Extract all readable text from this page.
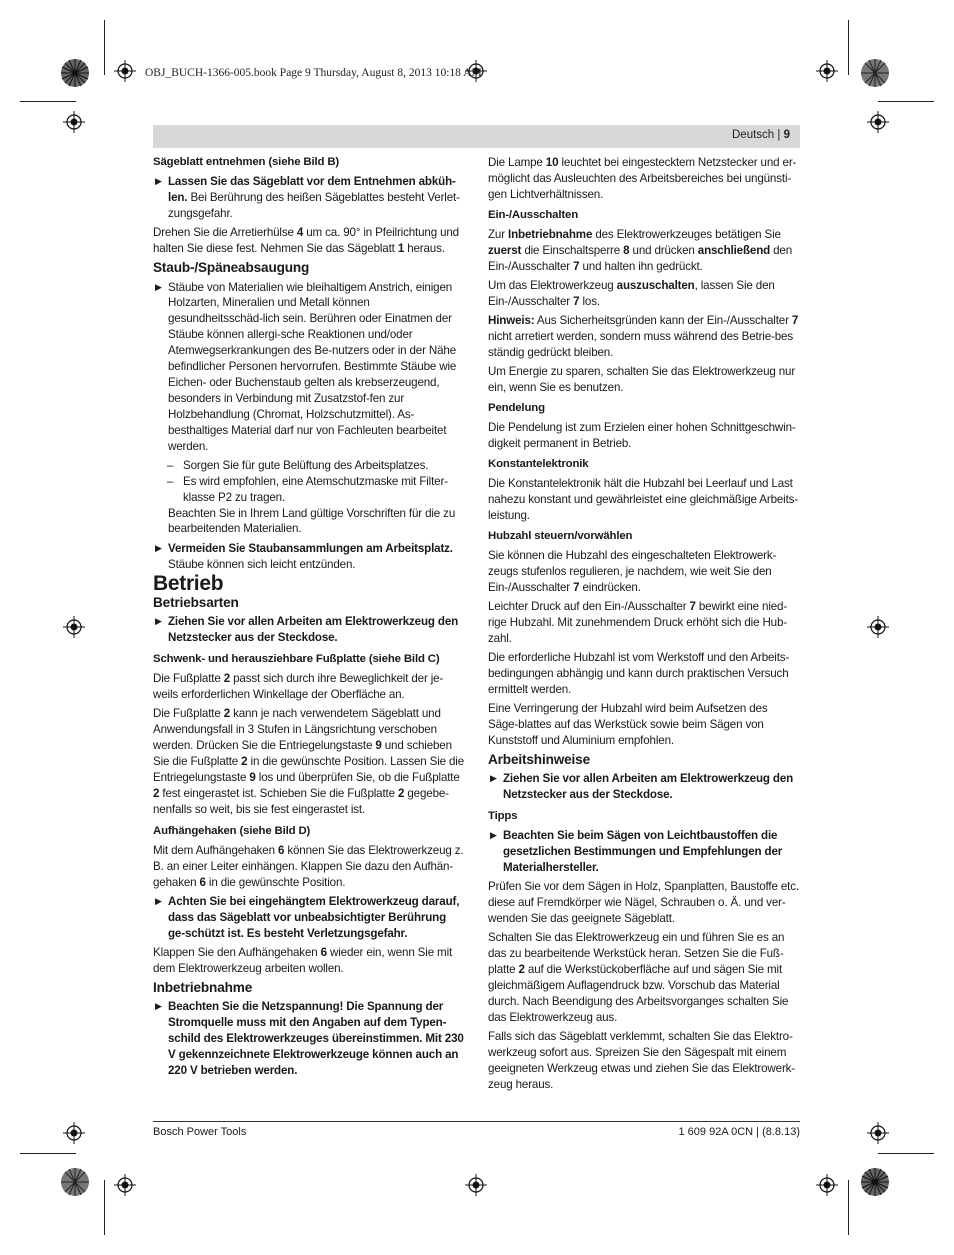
OBJ_BUCH-1366-005.book Page 9 Thursday, August 8, 2013 10:18 AM
Deutsch | 9

Sägeblatt entnehmen (siehe Bild B)

▶ Lassen Sie das Sägeblatt vor dem Entnehmen abküh-len. Bei Berührung des heißen Sägeblattes besteht Verlet-zungsgefahr.

Drehen Sie die Arretierhülse 4 um ca. 90° in Pfeilrichtung und halten Sie diese fest. Nehmen Sie das Sägeblatt 1 heraus.

Staub-/Späneabsaugung

▶ Stäube von Materialien wie bleihaltigem Anstrich, einigen Holzarten, Mineralien und Metall können gesundheitsschäd-lich sein. Berühren oder Einatmen der Stäube können allergi-sche Reaktionen und/oder Atemwegserkrankungen des Be-nutzers oder in der Nähe befindlicher Personen hervorrufen. Bestimmte Stäube wie Eichen- oder Buchenstaub gelten als krebserzeugend, besonders in Verbindung mit Zusatzstof-fen zur Holzbehandlung (Chromat, Holzschutzmittel). As-besthaltiges Material darf nur von Fachleuten bearbeitet werden.
– Sorgen Sie für gute Belüftung des Arbeitsplatzes.
– Es wird empfohlen, eine Atemschutzmaske mit Filter-klasse P2 zu tragen.

Beachten Sie in Ihrem Land gültige Vorschriften für die zu bearbeitenden Materialien.

▶ Vermeiden Sie Staubansammlungen am Arbeitsplatz.
Stäube können sich leicht entzünden.

Betrieb

Betriebsarten

▶ Ziehen Sie vor allen Arbeiten am Elektrowerkzeug den Netzstecker aus der Steckdose.

Schwenk- und herausziehbare Fußplatte (siehe Bild C)

Die Fußplatte 2 passt sich durch ihre Beweglichkeit der je-weils erforderlichen Winkellage der Oberfläche an.

Die Fußplatte 2 kann je nach verwendetem Sägeblatt und Anwendungsfall in 3 Stufen in Längsrichtung verschoben werden. Drücken Sie die Entriegelungstaste 9 und schieben Sie die Fußplatte 2 in die gewünschte Position. Lassen Sie die Entriegelungstaste 9 los und überprüfen Sie, ob die Fußplatte 2 fest eingerastet ist. Schieben Sie die Fußplatte 2 gegebe-nenfalls so weit, bis sie fest eingerastet ist.

Aufhängehaken (siehe Bild D)

Mit dem Aufhängehaken 6 können Sie das Elektrowerkzeug z. B. an einer Leiter einhängen. Klappen Sie dazu den Aufhän-gehaken 6 in die gewünschte Position.

▶ Achten Sie bei eingehängtem Elektrowerkzeug darauf, dass das Sägeblatt vor unbeabsichtigter Berührung ge-schützt ist. Es besteht Verletzungsgefahr.

Klappen Sie den Aufhängehaken 6 wieder ein, wenn Sie mit dem Elektrowerkzeug arbeiten wollen.

Inbetriebnahme

▶ Beachten Sie die Netzspannung! Die Spannung der Stromquelle muss mit den Angaben auf dem Typen-schild des Elektrowerkzeuges übereinstimmen. Mit 230 V gekennzeichnete Elektrowerkzeuge können auch an 220 V betrieben werden.

Die Lampe 10 leuchtet bei eingestecktem Netzstecker und er-möglicht das Ausleuchten des Arbeitsbereiches bei ungünsti-gen Lichtverhältnissen.

Ein-/Ausschalten

Zur Inbetriebnahme des Elektrowerkzeuges betätigen Sie zuerst die Einschaltsperre 8 und drücken anschließend den Ein-/Ausschalter 7 und halten ihn gedrückt.

Um das Elektrowerkzeug auszuschalten, lassen Sie den Ein-/Ausschalter 7 los.

Hinweis: Aus Sicherheitsgründen kann der Ein-/Ausschalter 7 nicht arretiert werden, sondern muss während des Betrie-bes ständig gedrückt bleiben.

Um Energie zu sparen, schalten Sie das Elektrowerkzeug nur ein, wenn Sie es benutzen.

Pendelung

Die Pendelung ist zum Erzielen einer hohen Schnittgeschwin-digkeit permanent in Betrieb.

Konstantelektronik

Die Konstantelektronik hält die Hubzahl bei Leerlauf und Last nahezu konstant und gewährleistet eine gleichmäßige Arbeits-leistung.

Hubzahl steuern/vorwählen

Sie können die Hubzahl des eingeschalteten Elektrowerk-zeugs stufenlos regulieren, je nachdem, wie weit Sie den Ein-/Ausschalter 7 eindrücken.

Leichter Druck auf den Ein-/Ausschalter 7 bewirkt eine nied-rige Hubzahl. Mit zunehmendem Druck erhöht sich die Hub-zahl.

Die erforderliche Hubzahl ist vom Werkstoff und den Arbeits-bedingungen abhängig und kann durch praktischen Versuch ermittelt werden.

Eine Verringerung der Hubzahl wird beim Aufsetzen des Säge-blattes auf das Werkstück sowie beim Sägen von Kunststoff und Aluminium empfohlen.

Arbeitshinweise

▶ Ziehen Sie vor allen Arbeiten am Elektrowerkzeug den Netzstecker aus der Steckdose.

Tipps

▶ Beachten Sie beim Sägen von Leichtbaustoffen die gesetzlichen Bestimmungen und Empfehlungen der Materialhersteller.

Prüfen Sie vor dem Sägen in Holz, Spanplatten, Baustoffe etc. diese auf Fremdkörper wie Nägel, Schrauben o. Ä. und ver-wenden Sie das geeignete Sägeblatt.

Schalten Sie das Elektrowerkzeug ein und führen Sie es an das zu bearbeitende Werkstück heran. Setzen Sie die Fuß-platte 2 auf die Werkstückoberfläche auf und sägen Sie mit gleichmäßigem Auflagendruck bzw. Vorschub das Material durch. Nach Beendigung des Arbeitsvorganges schalten Sie das Elektrowerkzeug aus.

Falls sich das Sägeblatt verklemmt, schalten Sie das Elektro-werkzeug sofort aus. Spreizen Sie den Sägespalt mit einem geeigneten Werkzeug etwas und ziehen Sie das Elektrowerk-zeug heraus.

Bosch Power Tools	1 609 92A 0CN | (8.8.13)
